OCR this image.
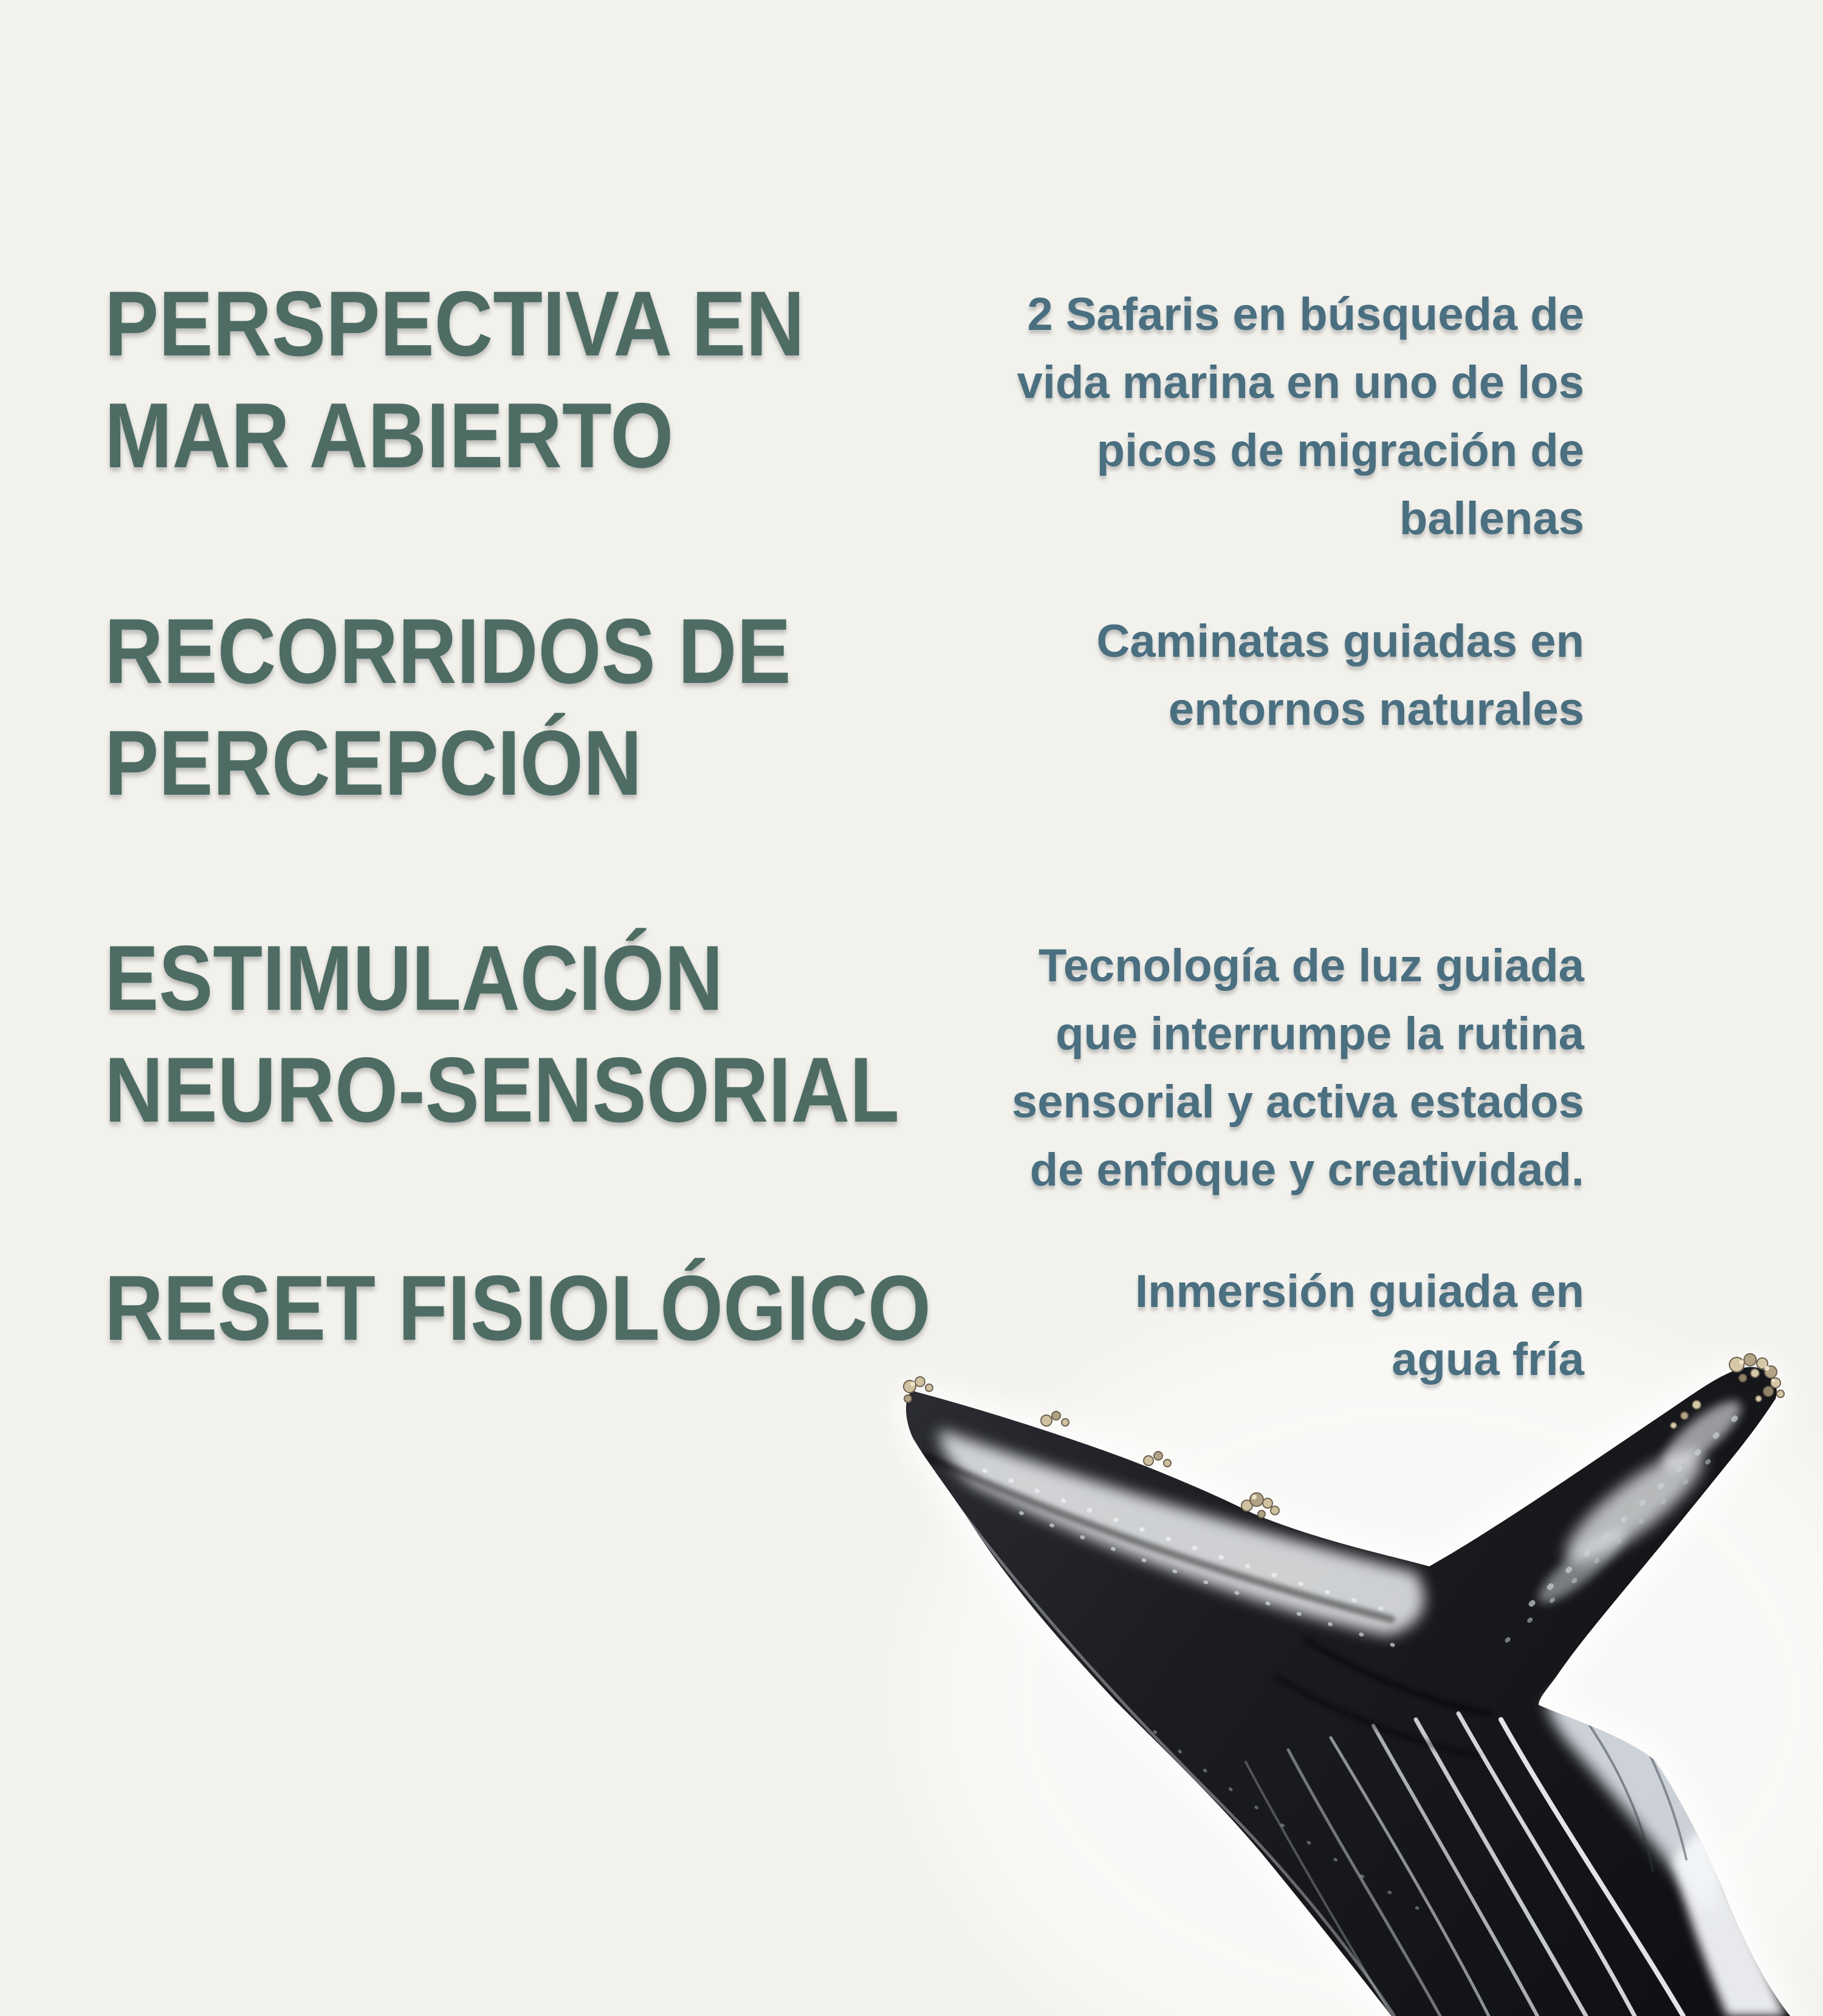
PERSPECTIVA EN
MAR ABIERTO
2 Safaris en búsqueda de
vida marina en uno de los
picos de migración de
ballenas
RECORRIDOS DE
PERCEPCIÓN
Caminatas guiadas en
entornos naturales
ESTIMULACIÓN
NEURO-SENSORIAL
Tecnología de luz guiada
que interrumpe la rutina
sensorial y activa estados
de enfoque y creatividad.
RESET FISIOLÓGICO	Inmersión guiada en
agua fría
